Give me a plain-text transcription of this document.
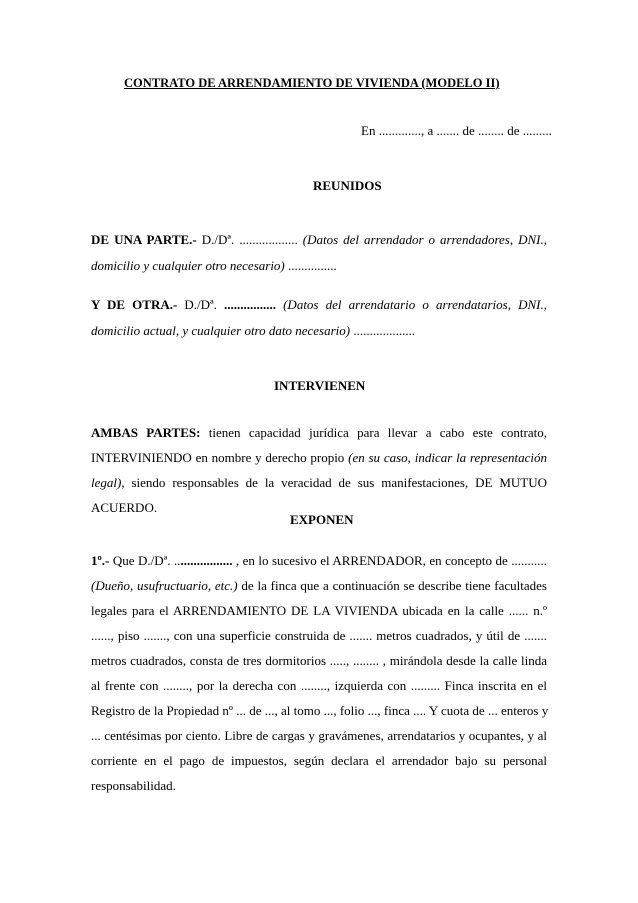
CONTRATO DE ARRENDAMIENTO DE VIVIENDA (MODELO II)
En ............., a ....... de ........ de .........
REUNIDOS
DE UNA PARTE.- D./Dª. .................. (Datos del arrendador o arrendadores, DNI.,
domicilio y cualquier otro necesario) ...............
Y DE OTRA.- D./Dª. ................ (Datos del arrendatario o arrendatarios, DNI.,
domicilio actual, y cualquier otro dato necesario) ...................
INTERVIENEN
AMBAS PARTES: tienen capacidad jurídica para llevar a cabo este contrato,
INTERVINIENDO en nombre y derecho propio (en su caso, indicar la representación
legal), siendo responsables de la veracidad de sus manifestaciones, DE MUTUO
ACUERDO.
EXPONEN
1º.- Que D./Dª. .................. , en lo sucesivo el ARRENDADOR, en concepto de ...........
(Dueño, usufructuario, etc.) de la finca que a continuación se describe tiene facultades
legales para el ARRENDAMIENTO DE LA VIVIENDA ubicada en la calle ...... n.º
......, piso ......., con una superficie construida de ....... metros cuadrados, y útil de .......
metros cuadrados, consta de tres dormitorios ....., ........ , mirándola desde la calle linda
al frente con ........, por la derecha con ........, izquierda con ......... Finca inscrita en el
Registro de la Propiedad nº ... de ..., al tomo ..., folio ..., finca .... Y cuota de ... enteros y
... centésimas por ciento. Libre de cargas y gravámenes, arrendatarios y ocupantes, y al
corriente en el pago de impuestos, según declara el arrendador bajo su personal
responsabilidad.
